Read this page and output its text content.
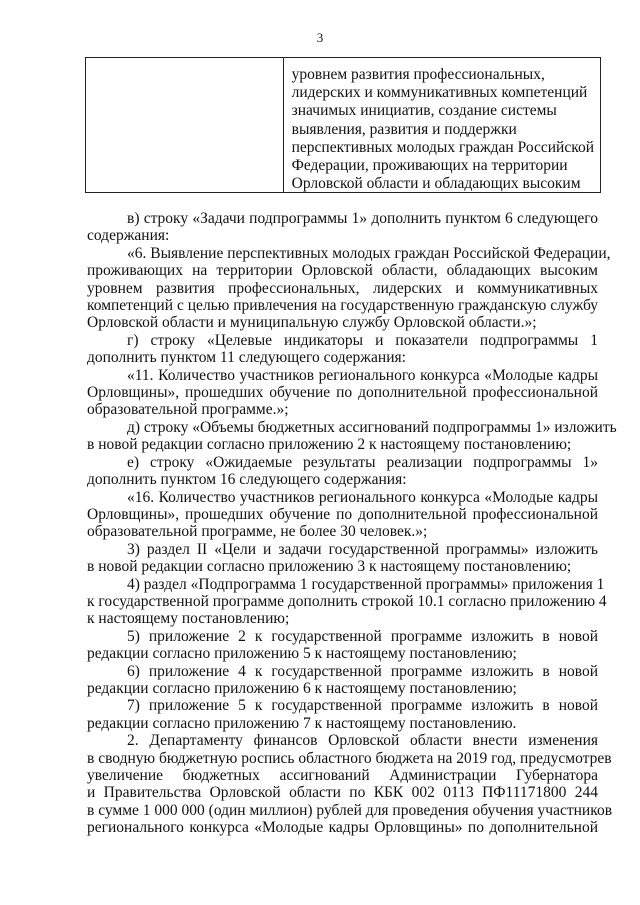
3
уровнем развития профессиональных,
лидерских и коммуникативных компетенций
значимых инициатив, создание системы
выявления, развития и поддержки
перспективных молодых граждан Российской
Федерации, проживающих на территории
Орловской области и обладающих высоким
в) строку «Задачи подпрограммы 1» дополнить пунктом 6 следующего
содержания:
«6. Выявление перспективных молодых граждан Российской Федерации,
проживающих на территории Орловской области, обладающих высоким
уровнем развития профессиональных, лидерских и коммуникативных
компетенций с целью привлечения на государственную гражданскую службу
Орловской области и муниципальную службу Орловской области.»;
г) строку «Целевые индикаторы и показатели подпрограммы 1
дополнить пунктом 11 следующего содержания:
«11. Количество участников регионального конкурса «Молодые кадры
Орловщины», прошедших обучение по дополнительной профессиональной
образовательной программе.»;
д) строку «Объемы бюджетных ассигнований подпрограммы 1» изложить
в новой редакции согласно приложению 2 к настоящему постановлению;
е) строку «Ожидаемые результаты реализации подпрограммы 1»
дополнить пунктом 16 следующего содержания:
«16. Количество участников регионального конкурса «Молодые кадры
Орловщины», прошедших обучение по дополнительной профессиональной
образовательной программе, не более 30 человек.»;
3) раздел II «Цели и задачи государственной программы» изложить
в новой редакции согласно приложению 3 к настоящему постановлению;
4) раздел «Подпрограмма 1 государственной программы» приложения 1
к государственной программе дополнить строкой 10.1 согласно приложению 4
к настоящему постановлению;
5) приложение 2 к государственной программе изложить в новой
редакции согласно приложению 5 к настоящему постановлению;
6) приложение 4 к государственной программе изложить в новой
редакции согласно приложению 6 к настоящему постановлению;
7) приложение 5 к государственной программе изложить в новой
редакции согласно приложению 7 к настоящему постановлению.
2. Департаменту финансов Орловской области внести изменения
в сводную бюджетную роспись областного бюджета на 2019 год, предусмотрев
увеличение бюджетных ассигнований Администрации Губернатора
и Правительства Орловской области по КБК 002 0113 ПФ11171800 244
в сумме 1 000 000 (один миллион) рублей для проведения обучения участников
регионального конкурса «Молодые кадры Орловщины» по дополнительной
